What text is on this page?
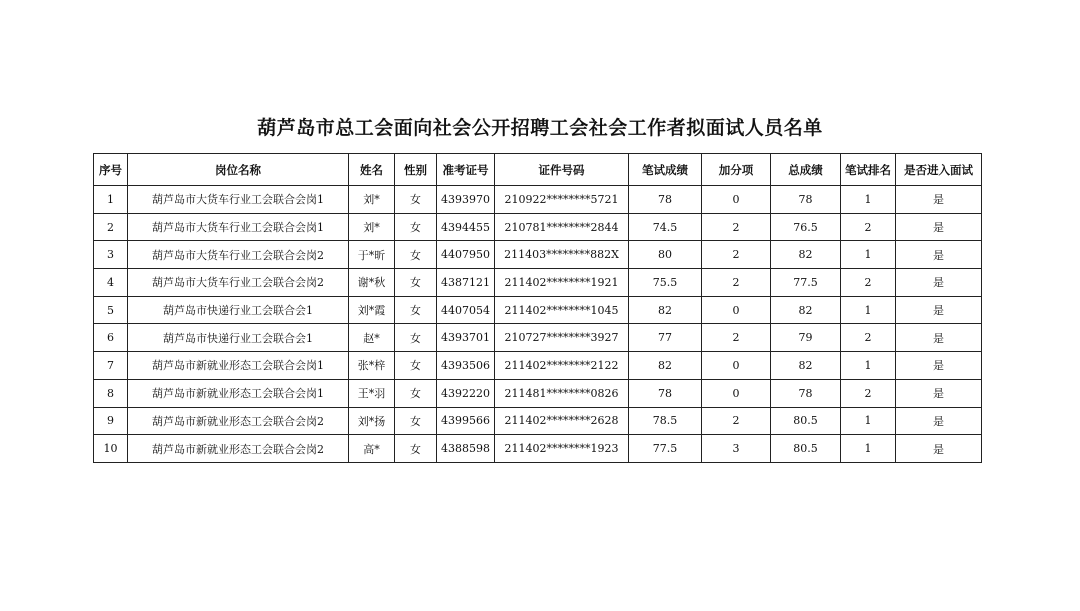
葫芦岛市总工会面向社会公开招聘工会社会工作者拟面试人员名单
序号	岗位名称	姓名	性别	准考证号	证件号码	笔试成绩	加分项	总成绩	笔试排名	是否进入面试
1	葫芦岛市大货车行业工会联合会岗1	刘*	女	4393970	210922********5721	78	0	78	1	是
2	葫芦岛市大货车行业工会联合会岗1	刘*	女	4394455	210781********2844	74.5	2	76.5	2	是
3	葫芦岛市大货车行业工会联合会岗2	于*昕	女	4407950	211403********882X	80	2	82	1	是
4	葫芦岛市大货车行业工会联合会岗2	谢*秋	女	4387121	211402********1921	75.5	2	77.5	2	是
5	葫芦岛市快递行业工会联合会1	刘*霞	女	4407054	211402********1045	82	0	82	1	是
6	葫芦岛市快递行业工会联合会1	赵*	女	4393701	210727********3927	77	2	79	2	是
7	葫芦岛市新就业形态工会联合会岗1	张*梓	女	4393506	211402********2122	82	0	82	1	是
8	葫芦岛市新就业形态工会联合会岗1	王*羽	女	4392220	211481********0826	78	0	78	2	是
9	葫芦岛市新就业形态工会联合会岗2	刘*扬	女	4399566	211402********2628	78.5	2	80.5	1	是
10	葫芦岛市新就业形态工会联合会岗2	高*	女	4388598	211402********1923	77.5	3	80.5	1	是
